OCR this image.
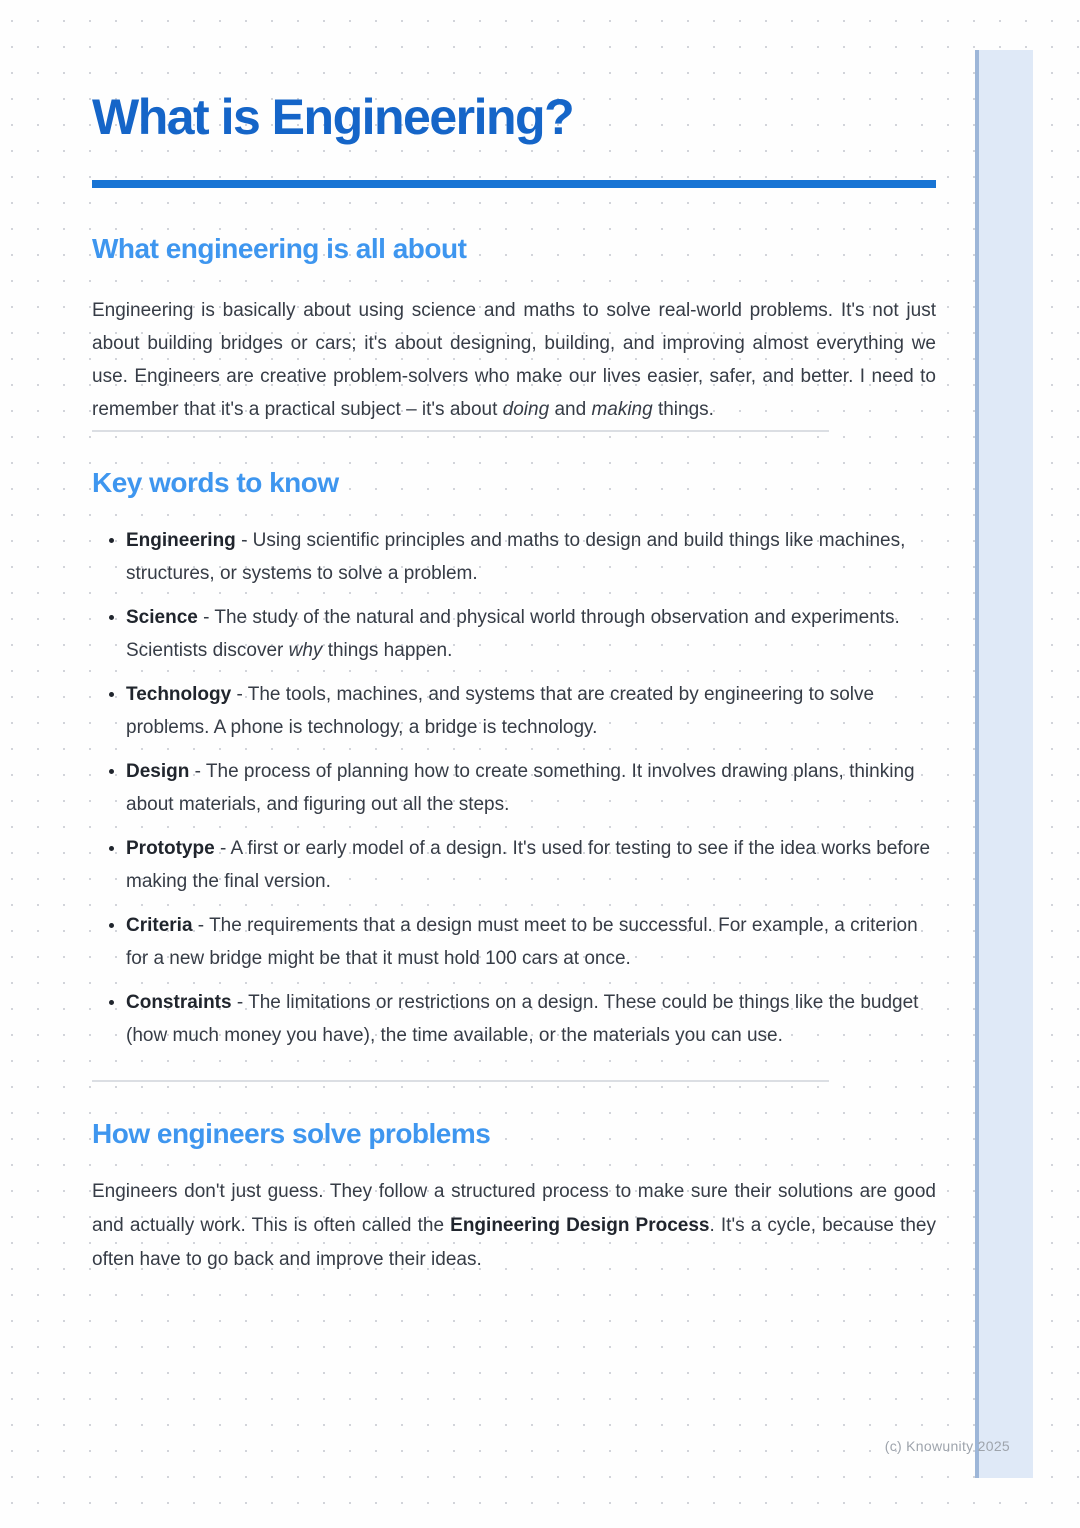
(c) Knowunity 2025
What is Engineering?
What engineering is all about

Engineering is basically about using science and maths to solve real-world problems. It's not just about building bridges or cars; it's about designing, building, and improving almost everything we use. Engineers are creative problem-solvers who make our lives easier, safer, and better. I need to remember that it's a practical subject – it's about doing and making things.

Key words to know
• Engineering - Using scientific principles and maths to design and build things like machines, structures, or systems to solve a problem.
• Science - The study of the natural and physical world through observation and experiments. Scientists discover why things happen.
• Technology - The tools, machines, and systems that are created by engineering to solve problems. A phone is technology, a bridge is technology.
• Design - The process of planning how to create something. It involves drawing plans, thinking about materials, and figuring out all the steps.
• Prototype - A first or early model of a design. It's used for testing to see if the idea works before making the final version.
• Criteria - The requirements that a design must meet to be successful. For example, a criterion for a new bridge might be that it must hold 100 cars at once.
• Constraints - The limitations or restrictions on a design. These could be things like the budget (how much money you have), the time available, or the materials you can use.
How engineers solve problems

Engineers don't just guess. They follow a structured process to make sure their solutions are good and actually work. This is often called the Engineering Design Process. It's a cycle, because they often have to go back and improve their ideas.
